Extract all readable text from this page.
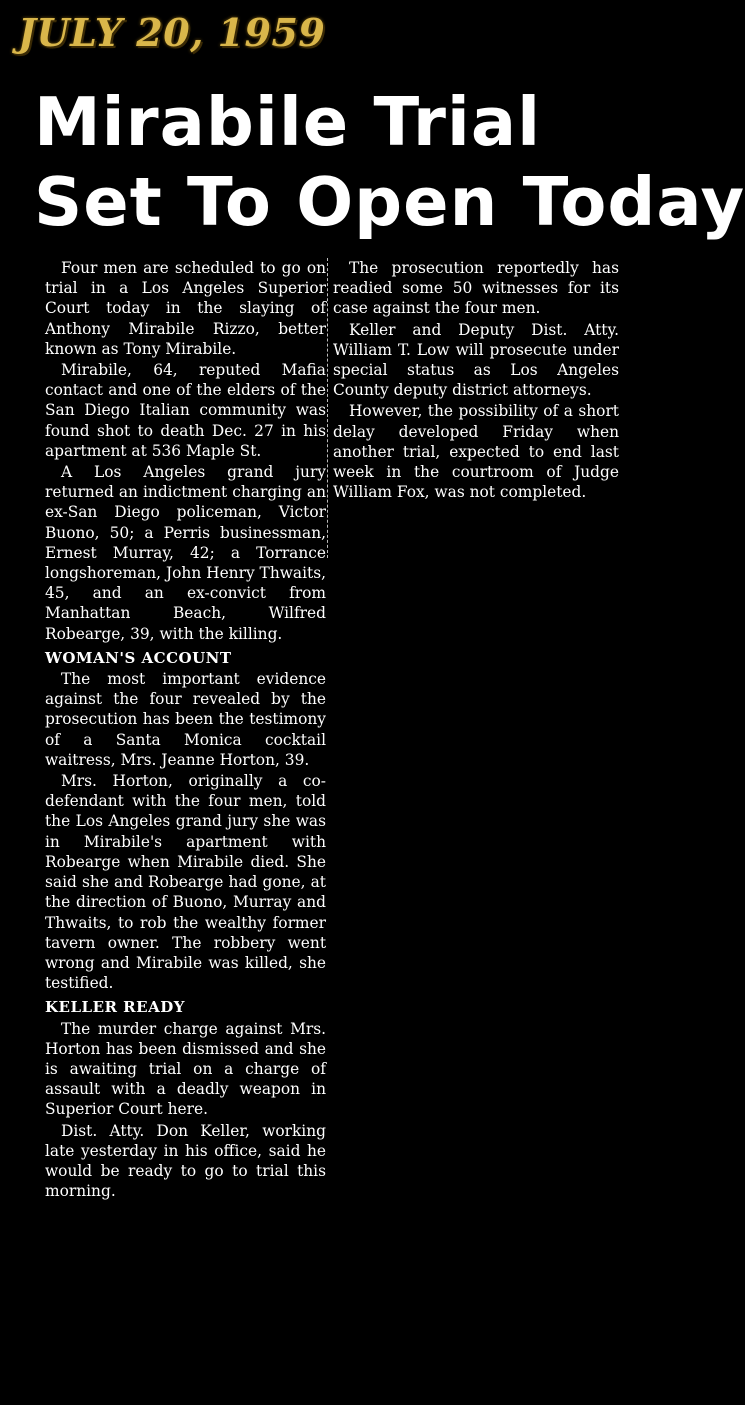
JULY 20, 1959
Mirabile Trial
Set To Open Today

Four men are scheduled to go on trial in a Los Angeles Superior Court today in the slaying of Anthony Mirabile Rizzo, better known as Tony Mirabile.

Mirabile, 64, reputed Mafia contact and one of the elders of the San Diego Italian community was found shot to death Dec. 27 in his apartment at 536 Maple St.

A Los Angeles grand jury returned an indictment charging an ex-San Diego policeman, Victor Buono, 50; a Perris businessman, Ernest Murray, 42; a Torrance longshoreman, John Henry Thwaits, 45, and an ex-convict from Manhattan Beach, Wilfred Robearge, 39, with the killing.

WOMAN'S ACCOUNT

The most important evidence against the four revealed by the prosecution has been the testimony of a Santa Monica cocktail waitress, Mrs. Jeanne Horton, 39.

Mrs. Horton, originally a co-defendant with the four men, told the Los Angeles grand jury she was in Mirabile's apartment with Robearge when Mirabile died. She said she and Robearge had gone, at the direction of Buono, Murray and Thwaits, to rob the wealthy former tavern owner. The robbery went wrong and Mirabile was killed, she testified.

KELLER READY

The murder charge against Mrs. Horton has been dismissed and she is awaiting trial on a charge of assault with a deadly weapon in Superior Court here.

Dist. Atty. Don Keller, working late yesterday in his office, said he would be ready to go to trial this morning.

The prosecution reportedly has readied some 50 witnesses for its case against the four men.

Keller and Deputy Dist. Atty. William T. Low will prosecute under special status as Los Angeles County deputy district attorneys.

However, the possibility of a short delay developed Friday when another trial, expected to end last week in the courtroom of Judge William Fox, was not completed.
